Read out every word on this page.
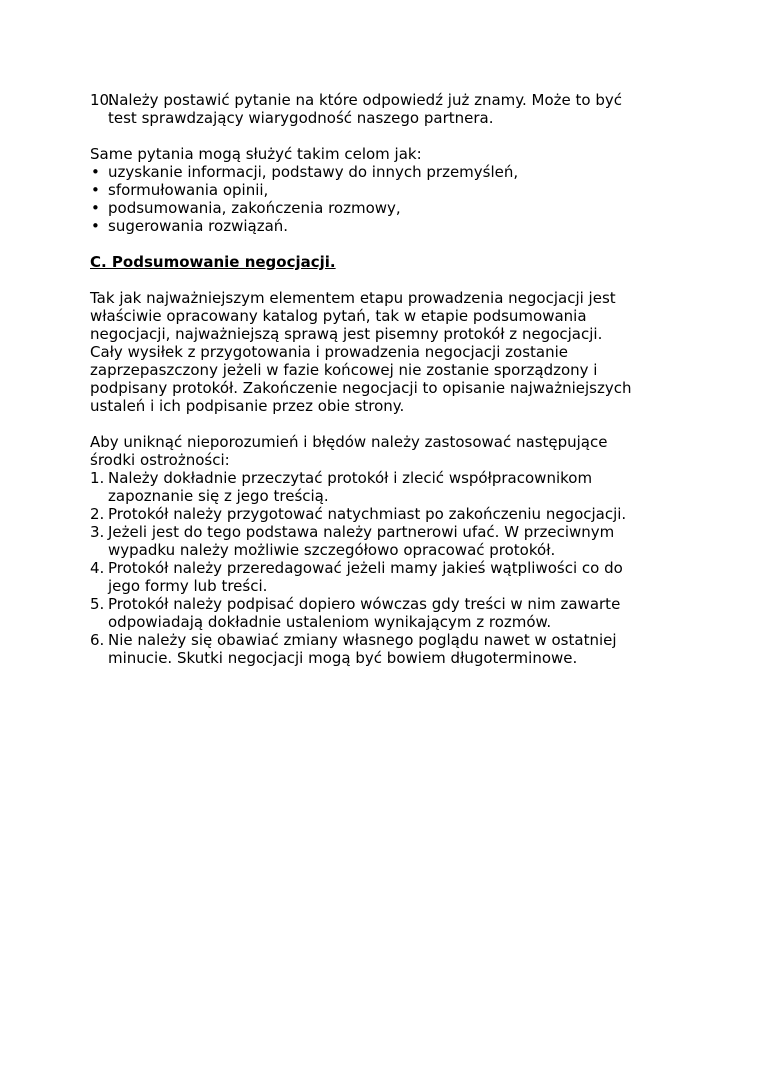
10.
Należy postawić pytanie na które odpowiedź już znamy. Może to być
test sprawdzający wiarygodność naszego partnera.
Same pytania mogą służyć takim celom jak:
• uzyskanie informacji, podstawy do innych przemyśleń,
• sformułowania opinii,
• podsumowania, zakończenia rozmowy,
• sugerowania rozwiązań.
C. Podsumowanie negocjacji.
Tak jak najważniejszym elementem etapu prowadzenia negocjacji jest
właściwie opracowany katalog pytań, tak w etapie podsumowania
negocjacji, najważniejszą sprawą jest pisemny protokół z negocjacji.
Cały wysiłek z przygotowania i prowadzenia negocjacji zostanie
zaprzepaszczony jeżeli w fazie końcowej nie zostanie sporządzony i
podpisany protokół. Zakończenie negocjacji to opisanie najważniejszych
ustaleń i ich podpisanie przez obie strony.
Aby uniknąć nieporozumień i błędów należy zastosować następujące
środki ostrożności:
1. Należy dokładnie przeczytać protokół i zlecić współpracownikom
zapoznanie się z jego treścią.
2. Protokół należy przygotować natychmiast po zakończeniu negocjacji.
3. Jeżeli jest do tego podstawa należy partnerowi ufać. W przeciwnym
wypadku należy możliwie szczegółowo opracować protokół.
4. Protokół należy przeredagować jeżeli mamy jakieś wątpliwości co do
jego formy lub treści.
5. Protokół należy podpisać dopiero wówczas gdy treści w nim zawarte
odpowiadają dokładnie ustaleniom wynikającym z rozmów.
6. Nie należy się obawiać zmiany własnego poglądu nawet w ostatniej
minucie. Skutki negocjacji mogą być bowiem długoterminowe.
